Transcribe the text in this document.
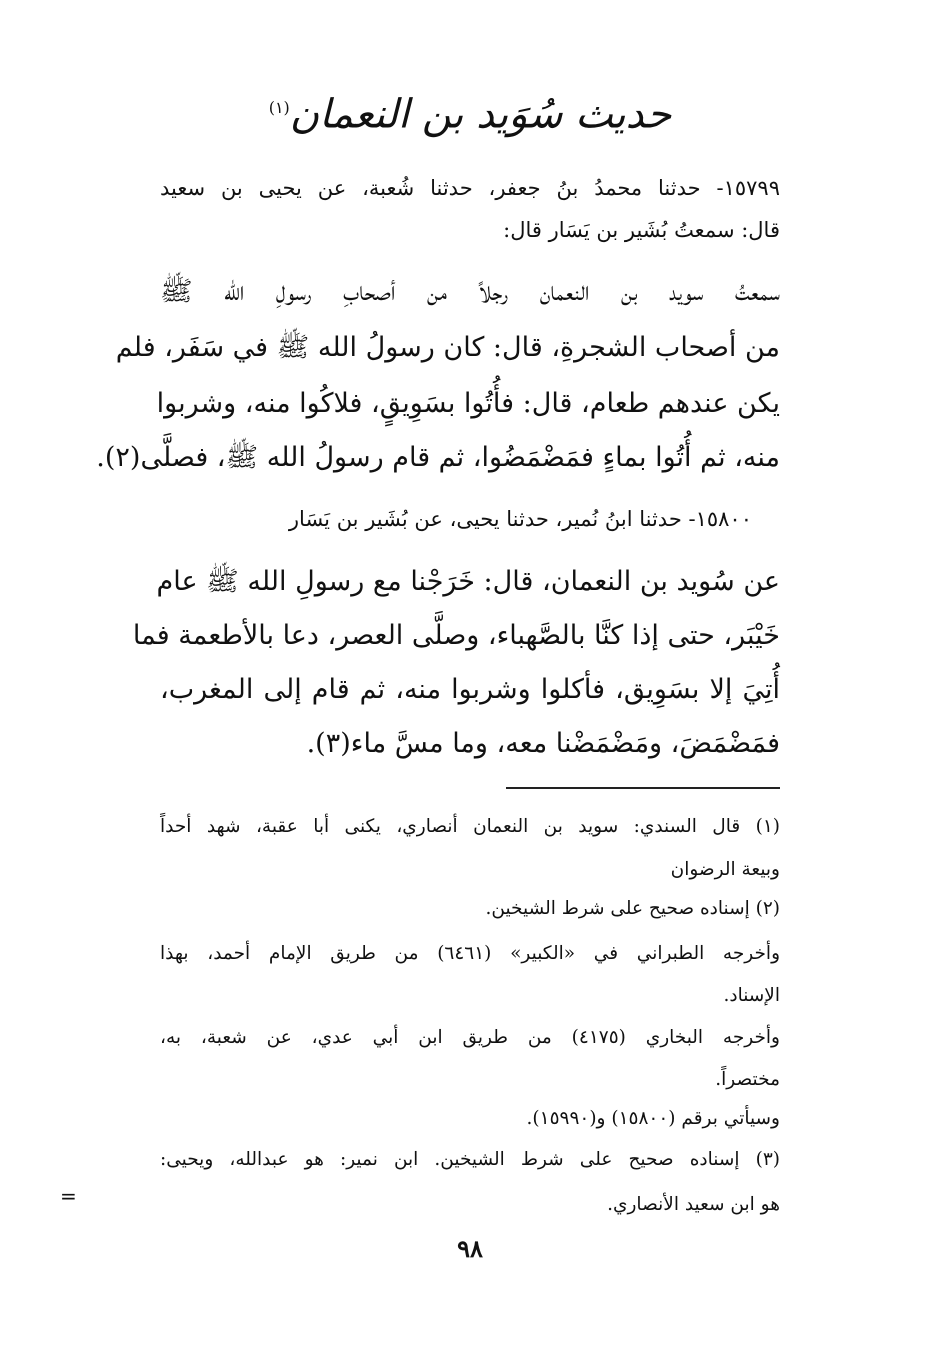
حديث سُوَيد بن النعمان$^{(١)}$
١٥٧٩٩- حدثنا محمدُ بنُ جعفر، حدثنا شُعبة، عن يحيى بن سعيد
قال: سمعتُ بُشَير بن يَسَار قال:
سمعتُ سويد بن النعمان رجلاً من أصحابِ رسولِ الله ﷺ
من أصحاب الشجرةِ، قال: كان رسولُ الله ﷺ في سَفَر، فلم
يكن عندهم طعام، قال: فأُتُوا بسَوِيقٍ، فلاكُوا منه، وشربوا
منه، ثم أُتُوا بماءٍ فمَضْمَضُوا، ثم قام رسولُ الله ﷺ، فصلَّى(٢).
١٥٨٠٠- حدثنا ابنُ نُمير، حدثنا يحيى، عن بُشَير بن يَسَار
عن سُويد بن النعمان، قال: خَرَجْنا مع رسولِ الله ﷺ عام
خَيْبَر، حتى إذا كنَّا بالصَّهباء، وصلَّى العصر، دعا بالأطعمة فما
أُتِيَ إلا بسَوِيق، فأكلوا وشربوا منه، ثم قام إلى المغرب،
فمَضْمَضَ، ومَضْمَضْنا معه، وما مسَّ ماء(٣).
(١) قال السندي: سويد بن النعمان أنصاري، يكنى أبا عقبة، شهد أحداً
وبيعة الرضوان
(٢) إسناده صحيح على شرط الشيخين.
وأخرجه الطبراني في «الكبير» (٦٤٦١) من طريق الإمام أحمد، بهذا
الإسناد.
وأخرجه البخاري (٤١٧٥) من طريق ابن أبي عدي، عن شعبة، به،
مختصراً.
وسيأتي برقم (١٥٨٠٠) و(١٥٩٩٠).
(٣) إسناده صحيح على شرط الشيخين. ابن نمير: هو عبدالله، ويحيى:
هو ابن سعيد الأنصاري.
=
٩٨
